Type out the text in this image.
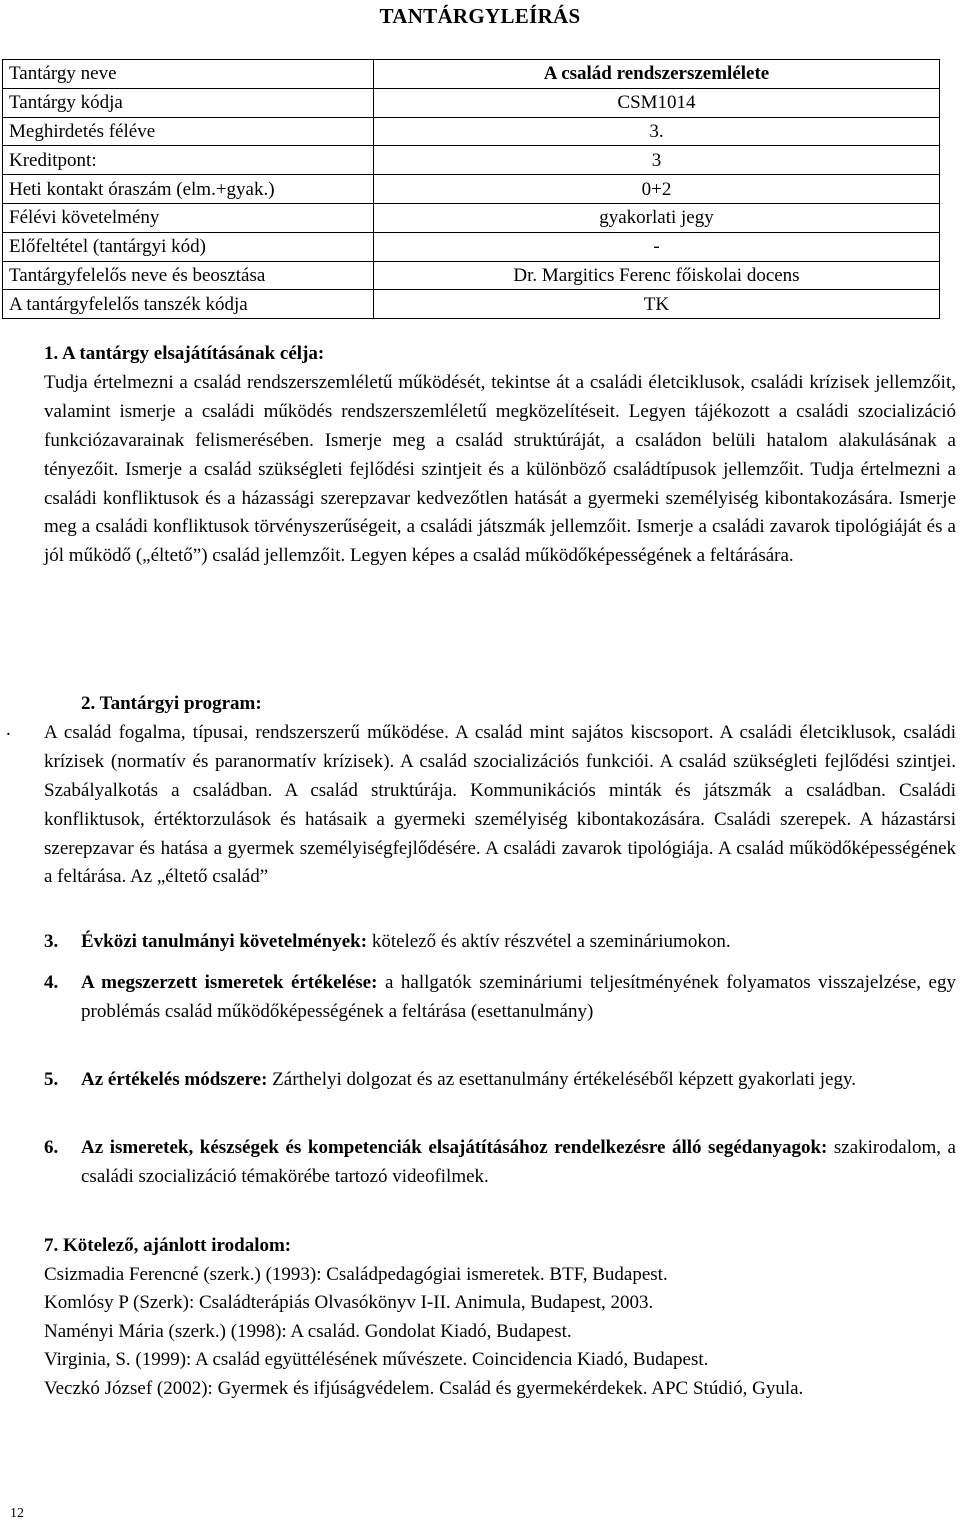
TANTÁRGYLEÍRÁS
Tantárgy neve	A család rendszerszemlélete
Tantárgy kódja	CSM1014
Meghirdetés féléve	3.
Kreditpont:	3
Heti kontakt óraszám (elm.+gyak.)	0+2
Félévi követelmény	gyakorlati jegy
Előfeltétel (tantárgyi kód)	-
Tantárgyfelelős neve és beosztása	Dr. Margitics Ferenc főiskolai docens
A tantárgyfelelős tanszék kódja	TK
1. A tantárgy elsajátításának célja:
Tudja értelmezni a család rendszerszemléletű működését, tekintse át a családi életciklusok, családi krízisek jellemzőit, valamint ismerje a családi működés rendszerszemléletű megközelítéseit. Legyen tájékozott a családi szocializáció funkciózavarainak felismerésében. Ismerje meg a család struktúráját, a családon belüli hatalom alakulásának a tényezőit. Ismerje a család szükségleti fejlődési szintjeit és a különböző családtípusok jellemzőit. Tudja értelmezni a családi konfliktusok és a házassági szerepzavar kedvezőtlen hatását a gyermeki személyiség kibontakozására. Ismerje meg a családi konfliktusok törvényszerűségeit, a családi játszmák jellemzőit. Ismerje a családi zavarok tipológiáját és a jól működő („éltető”) család jellemzőit. Legyen képes a család működőképességének a feltárására.
2. Tantárgyi program:
. A család fogalma, típusai, rendszerszerű működése. A család mint sajátos kiscsoport. A családi életciklusok, családi krízisek (normatív és paranormatív krízisek). A család szocializációs funkciói. A család szükségleti fejlődési szintjei. Szabályalkotás a családban. A család struktúrája. Kommunikációs minták és játszmák a családban. Családi konfliktusok, értéktorzulások és hatásaik a gyermeki személyiség kibontakozására. Családi szerepek. A házastársi szerepzavar és hatása a gyermek személyiségfejlődésére. A családi zavarok tipológiája. A család működőképességének a feltárása. Az „éltető család”
3. Évközi tanulmányi követelmények: kötelező és aktív részvétel a szemináriumokon.
4. A megszerzett ismeretek értékelése: a hallgatók szemináriumi teljesítményének folyamatos visszajelzése, egy problémás család működőképességének a feltárása (esettanulmány)
5. Az értékelés módszere: Zárthelyi dolgozat és az esettanulmány értékeléséből képzett gyakorlati jegy.
6. Az ismeretek, készségek és kompetenciák elsajátításához rendelkezésre álló segédanyagok: szakirodalom, a családi szocializáció témakörébe tartozó videofilmek.
7. Kötelező, ajánlott irodalom:
Csizmadia Ferencné (szerk.) (1993): Családpedagógiai ismeretek. BTF, Budapest.
Komlósy P (Szerk): Családterápiás Olvasókönyv I-II. Animula, Budapest, 2003.
Naményi Mária (szerk.) (1998): A család. Gondolat Kiadó, Budapest.
Virginia, S. (1999): A család együttélésének művészete. Coincidencia Kiadó, Budapest.
Veczkó József (2002): Gyermek és ifjúságvédelem. Család és gyermekérdekek. APC Stúdió, Gyula.
12
